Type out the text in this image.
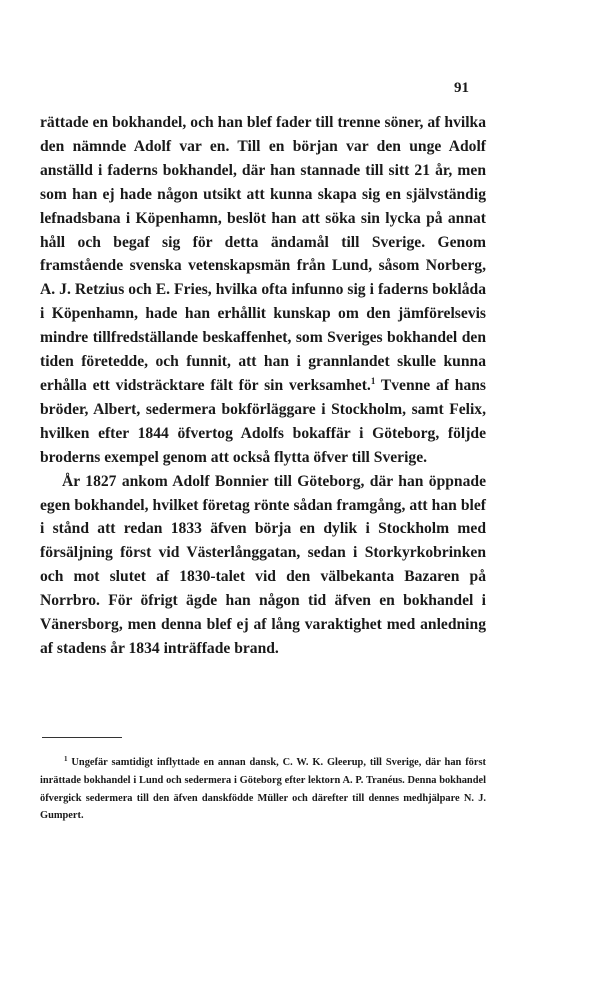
91

rättade en bokhandel, och han blef fader till trenne söner, af hvilka den nämnde Adolf var en. Till en början var den unge Adolf anställd i faderns bokhandel, där han stannade till sitt 21 år, men som han ej hade någon utsikt att kunna skapa sig en självständig lefnadsbana i Köpenhamn, beslöt han att söka sin lycka på annat håll och begaf sig för detta ändamål till Sverige. Genom framstående svenska vetenskapsmän från Lund, såsom Norberg, A. J. Retzius och E. Fries, hvilka ofta infunno sig i faderns boklåda i Köpenhamn, hade han erhållit kunskap om den jämförelsevis mindre tillfredställande beskaffenhet, som Sveriges bokhandel den tiden företedde, och funnit, att han i grannlandet skulle kunna erhålla ett vidsträcktare fält för sin verksamhet.$^1$ Tvenne af hans bröder, Albert, sedermera bokförläggare i Stockholm, samt Felix, hvilken efter 1844 öfvertog Adolfs bokaffär i Göteborg, följde broderns exempel genom att också flytta öfver till Sverige.

År 1827 ankom Adolf Bonnier till Göteborg, där han öppnade egen bokhandel, hvilket företag rönte sådan framgång, att han blef i stånd att redan 1833 äfven börja en dylik i Stockholm med försäljning först vid Västerlånggatan, sedan i Storkyrkobrinken och mot slutet af 1830-talet vid den välbekanta Bazaren på Norrbro. För öfrigt ägde han någon tid äfven en bokhandel i Vänersborg, men denna blef ej af lång varaktighet med anledning af stadens år 1834 inträffade brand.

$^1$ Ungefär samtidigt inflyttade en annan dansk, C. W. K. Gleerup, till Sverige, där han först inrättade bokhandel i Lund och sedermera i Göteborg efter lektorn A. P. Tranéus. Denna bokhandel öfvergick sedermera till den äfven danskfödde Müller och därefter till dennes medhjälpare N. J. Gumpert.
